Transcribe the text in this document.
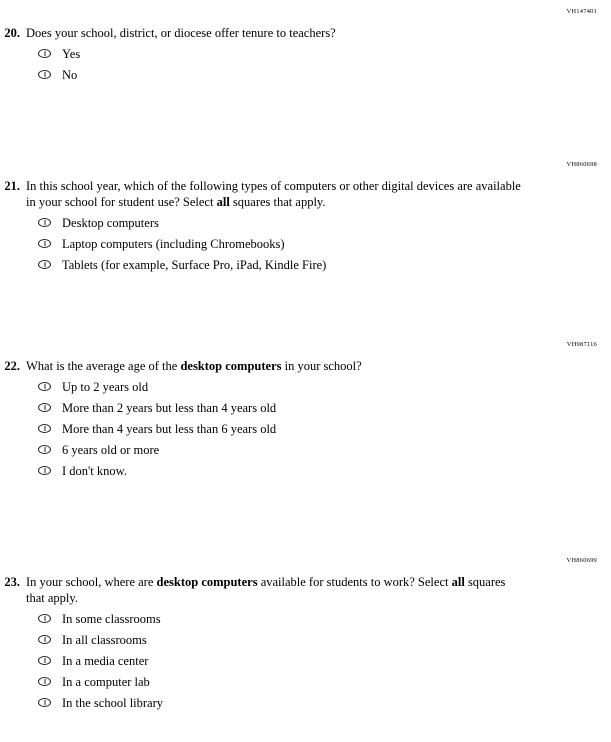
VH147401
20. Does your school, district, or diocese offer tenure to teachers?
Yes
No
VH860698
21. In this school year, which of the following types of computers or other digital devices are available in your school for student use? Select all squares that apply.
Desktop computers
Laptop computers (including Chromebooks)
Tablets (for example, Surface Pro, iPad, Kindle Fire)
VH987116
22. What is the average age of the desktop computers in your school?
Up to 2 years old
More than 2 years but less than 4 years old
More than 4 years but less than 6 years old
6 years old or more
I don't know.
VH860699
23. In your school, where are desktop computers available for students to work? Select all squares that apply.
In some classrooms
In all classrooms
In a media center
In a computer lab
In the school library
